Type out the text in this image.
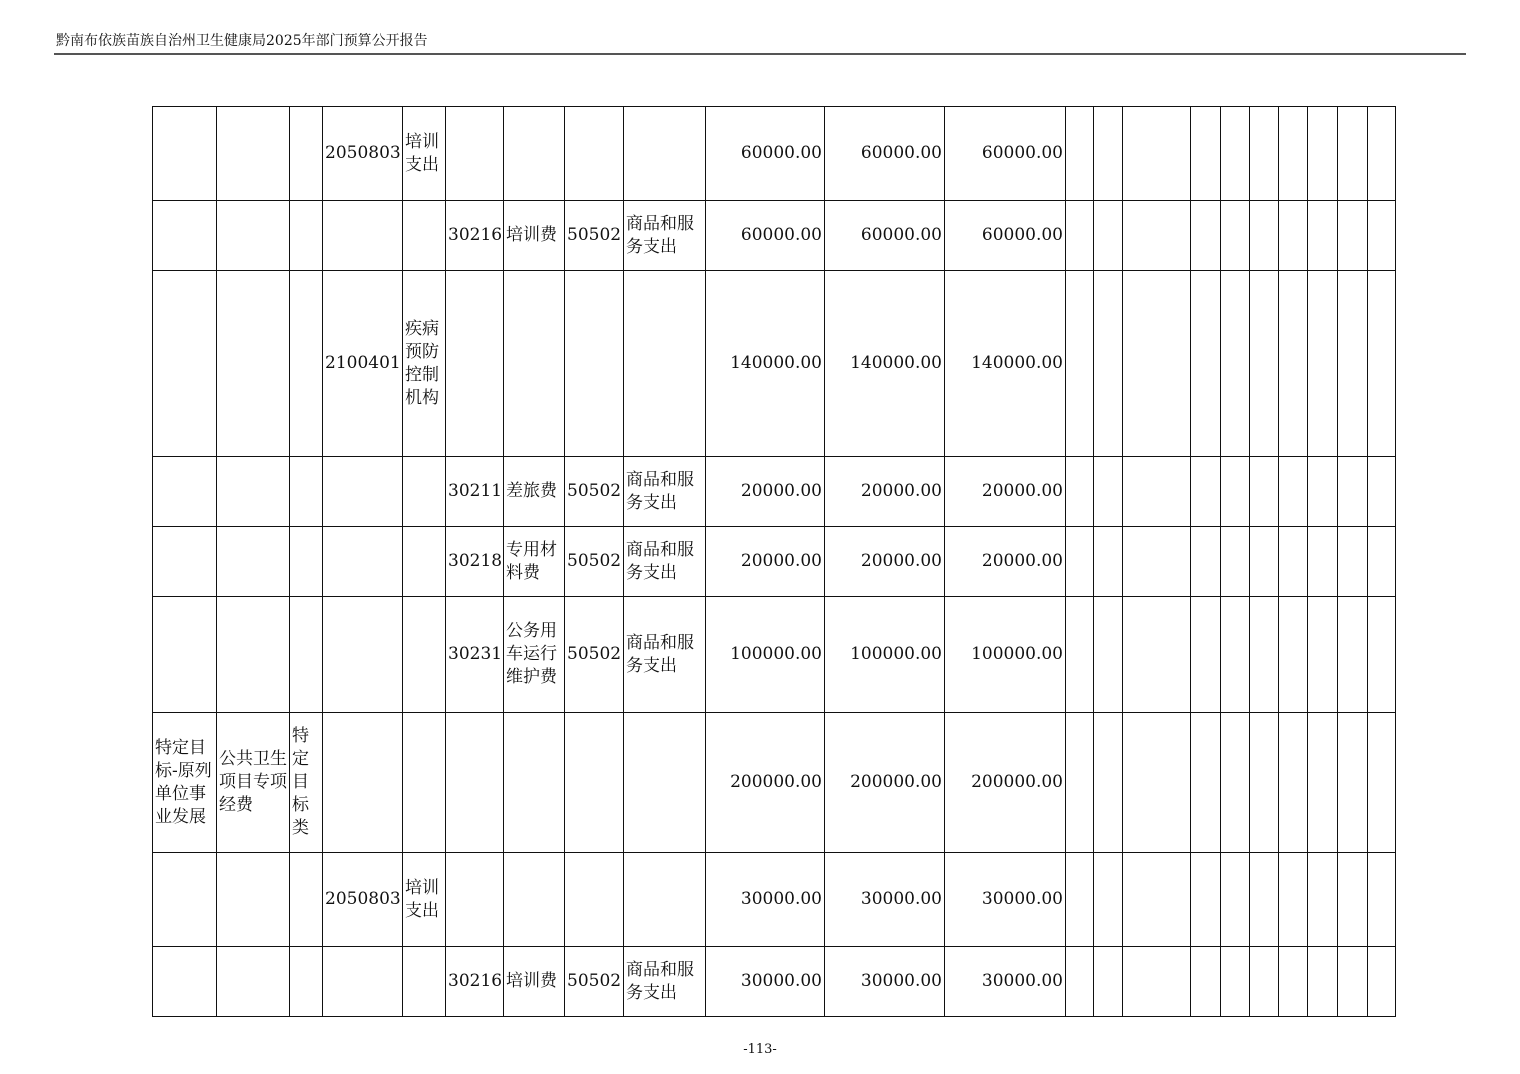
黔南布依族苗族自治州卫生健康局2025年部门预算公开报告
			2050803	培训支出					60000.00	60000.00	60000.00										
					30216	培训费	50502	商品和服务支出	60000.00	60000.00	60000.00										
			2100401	疾病预防控制机构					140000.00	140000.00	140000.00										
					30211	差旅费	50502	商品和服务支出	20000.00	20000.00	20000.00										
					30218	专用材料费	50502	商品和服务支出	20000.00	20000.00	20000.00										
					30231	公务用车运行维护费	50502	商品和服务支出	100000.00	100000.00	100000.00										
特定目标-原列单位事业发展	公共卫生项目专项经费	特定目标类							200000.00	200000.00	200000.00										
			2050803	培训支出					30000.00	30000.00	30000.00										
					30216	培训费	50502	商品和服务支出	30000.00	30000.00	30000.00										
-113-
